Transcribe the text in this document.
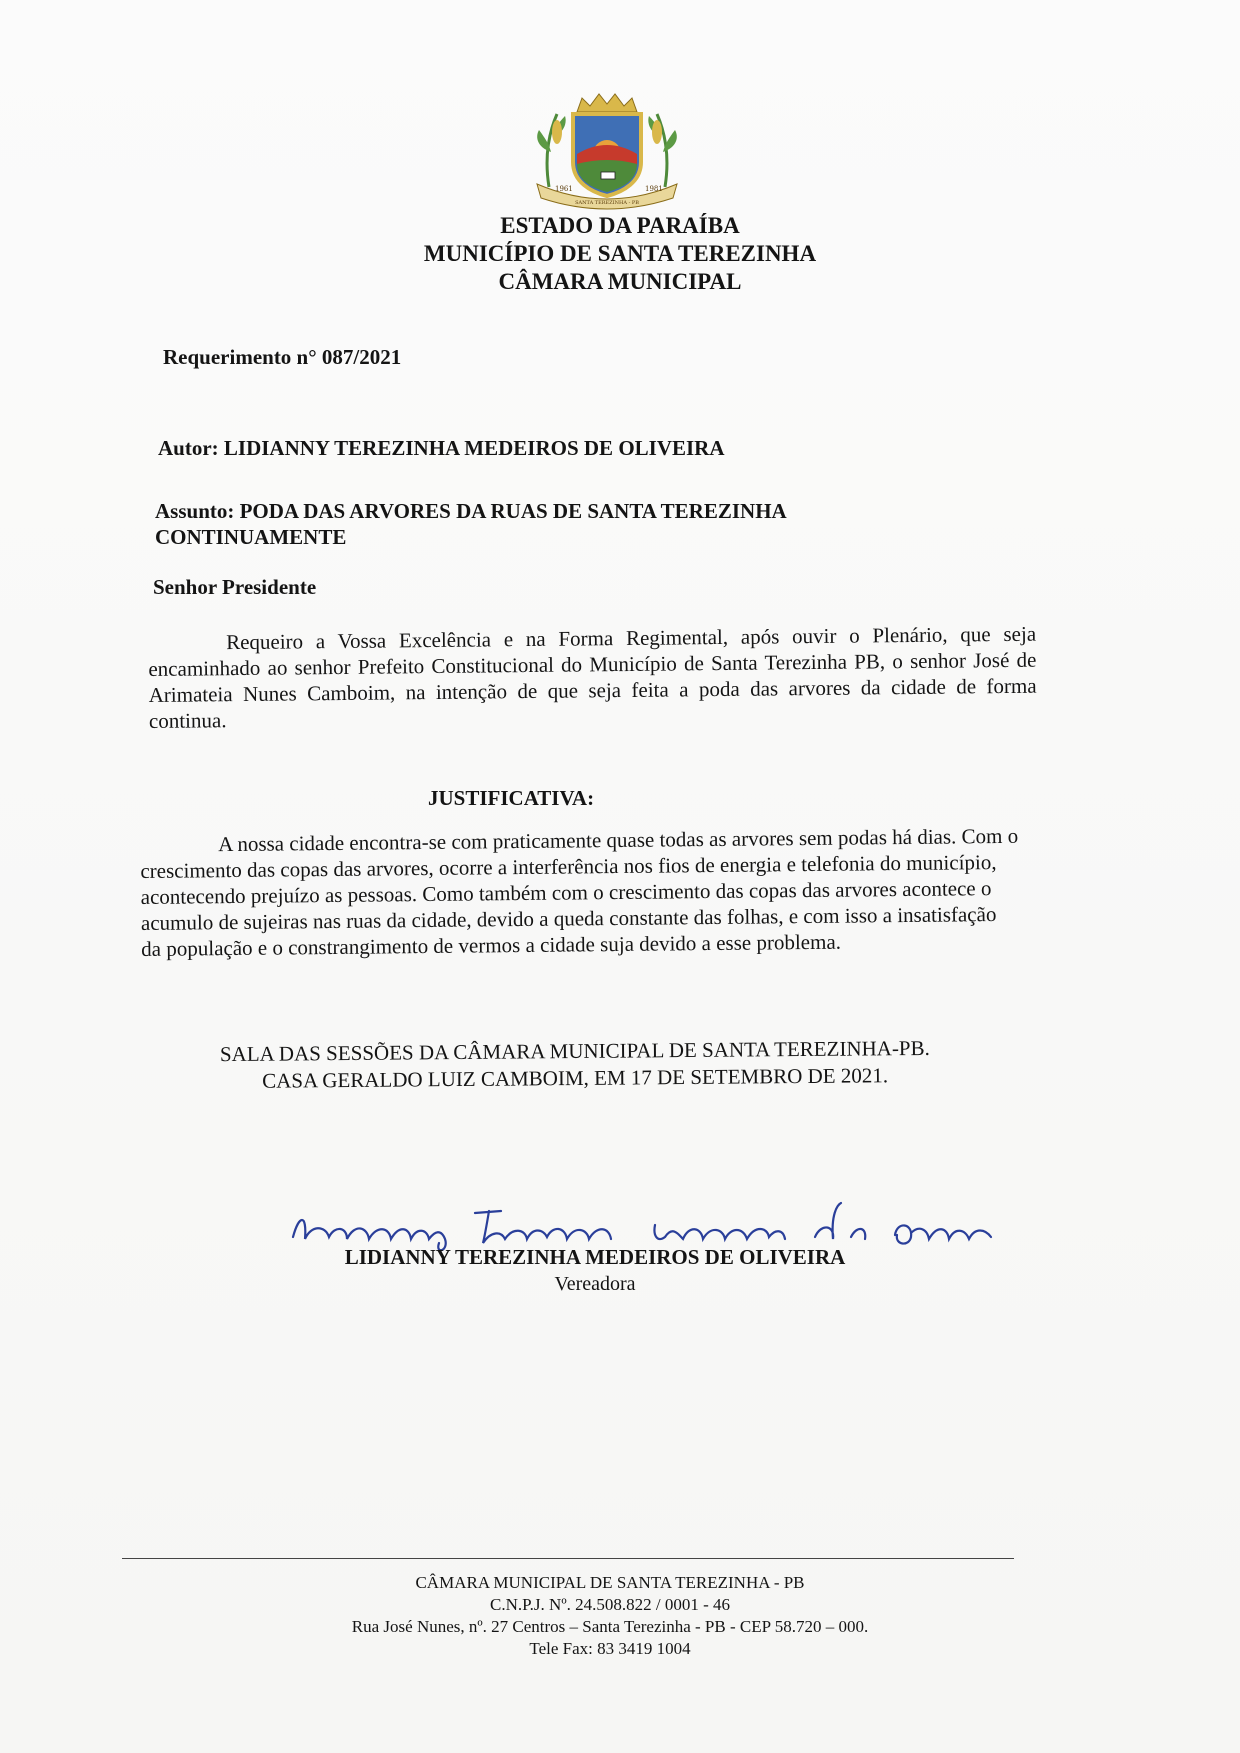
1961	1981
SANTA TEREZINHA - PB
ESTADO DA PARAÍBA
MUNICÍPIO DE SANTA TEREZINHA
CÂMARA MUNICIPAL
Requerimento n° 087/2021
Autor: LIDIANNY TEREZINHA MEDEIROS DE OLIVEIRA
Assunto: PODA DAS ARVORES DA RUAS DE SANTA TEREZINHA CONTINUAMENTE
Senhor Presidente
Requeiro a Vossa Excelência e na Forma Regimental, após ouvir o Plenário, que seja encaminhado ao senhor Prefeito Constitucional do Município de Santa Terezinha PB, o senhor José de Arimateia Nunes Camboim, na intenção de que seja feita a poda das arvores da cidade de forma continua.
JUSTIFICATIVA:
A nossa cidade encontra-se com praticamente quase todas as arvores sem podas há dias. Com o crescimento das copas das arvores, ocorre a interferência nos fios de energia e telefonia do município, acontecendo prejuízo as pessoas. Como também com o crescimento das copas das arvores acontece o acumulo de sujeiras nas ruas da cidade, devido a queda constante das folhas, e com isso a insatisfação da população e o constrangimento de vermos a cidade suja devido a esse problema.
SALA DAS SESSÕES DA CÂMARA MUNICIPAL DE SANTA TEREZINHA-PB.
CASA GERALDO LUIZ CAMBOIM, EM 17 DE SETEMBRO DE 2021.
LIDIANNY TEREZINHA MEDEIROS DE OLIVEIRA
Vereadora
CÂMARA MUNICIPAL DE SANTA TEREZINHA - PB
C.N.P.J. Nº. 24.508.822 / 0001 - 46
Rua José Nunes, nº. 27 Centros – Santa Terezinha - PB - CEP 58.720 – 000.
Tele Fax: 83 3419 1004
